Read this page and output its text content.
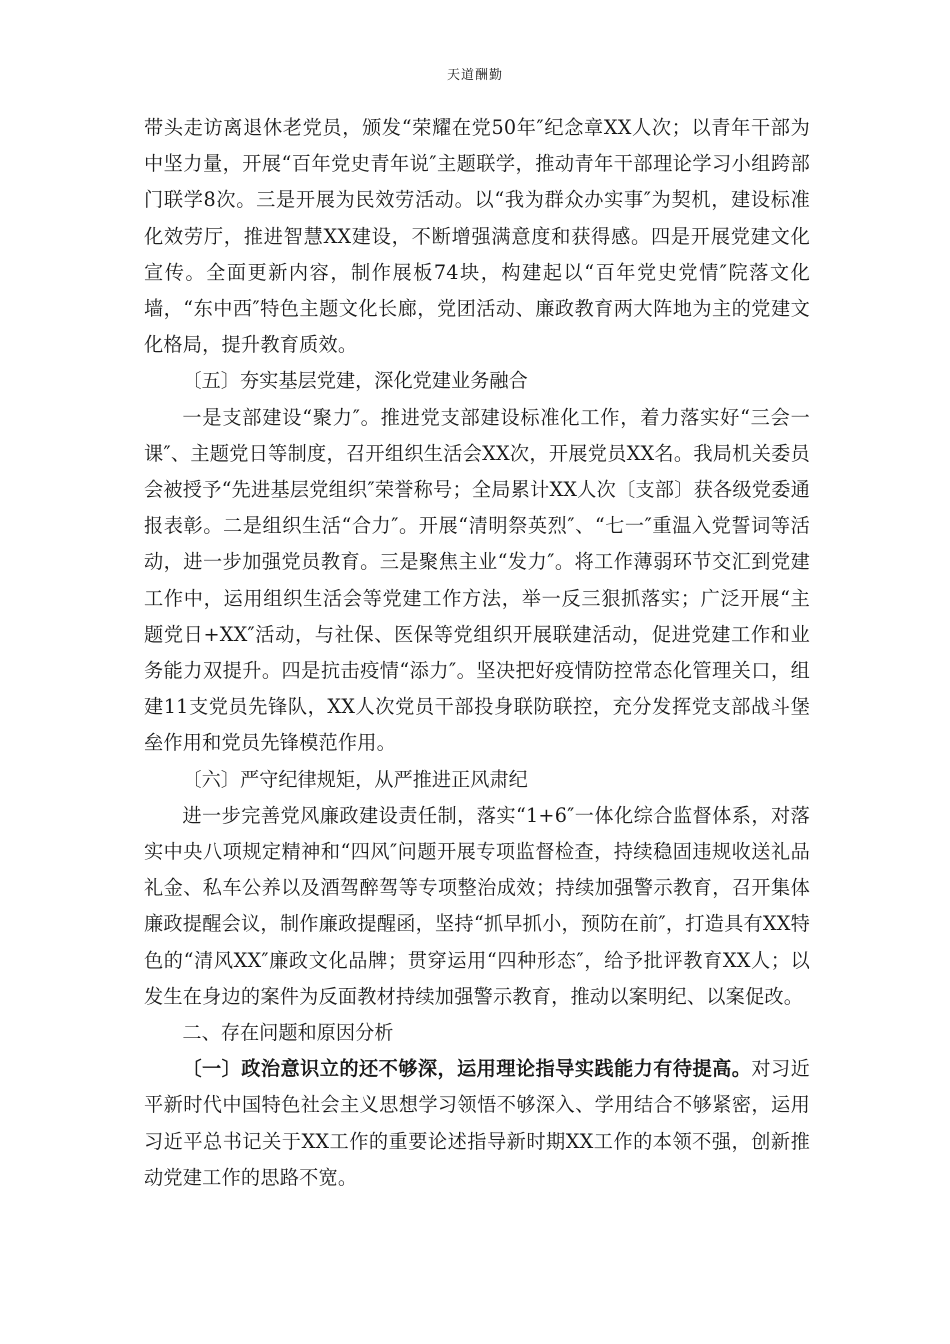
天道酬勤

带头走访离退休老党员，颁发“荣耀在党50年″纪念章XX人次；以青年干部为中坚力量，开展“百年党史青年说″主题联学，推动青年干部理论学习小组跨部门联学8次。三是开展为民效劳活动。以“我为群众办实事″为契机，建设标准化效劳厅，推进智慧XX建设，不断增强满意度和获得感。四是开展党建文化宣传。全面更新内容，制作展板74块，构建起以“百年党史党情″院落文化墙，“东中西″特色主题文化长廊，党团活动、廉政教育两大阵地为主的党建文化格局，提升教育质效。

〔五〕夯实基层党建，深化党建业务融合

一是支部建设“聚力″。推进党支部建设标准化工作，着力落实好“三会一课″、主题党日等制度，召开组织生活会XX次，开展党员XX名。我局机关委员会被授予“先进基层党组织″荣誉称号；全局累计XX人次〔支部〕获各级党委通报表彰。二是组织生活“合力″。开展“清明祭英烈″、“七一″重温入党誓词等活动，进一步加强党员教育。三是聚焦主业“发力″。将工作薄弱环节交汇到党建工作中，运用组织生活会等党建工作方法，举一反三狠抓落实；广泛开展“主题党日+XX″活动，与社保、医保等党组织开展联建活动，促进党建工作和业务能力双提升。四是抗击疫情“添力″。坚决把好疫情防控常态化管理关口，组建11支党员先锋队，XX人次党员干部投身联防联控，充分发挥党支部战斗堡垒作用和党员先锋模范作用。

〔六〕严守纪律规矩，从严推进正风肃纪

进一步完善党风廉政建设责任制，落实“1+6″一体化综合监督体系，对落实中央八项规定精神和“四风″问题开展专项监督检查，持续稳固违规收送礼品礼金、私车公养以及酒驾醉驾等专项整治成效；持续加强警示教育，召开集体廉政提醒会议，制作廉政提醒函，坚持“抓早抓小，预防在前″，打造具有XX特色的“清风XX″廉政文化品牌；贯穿运用“四种形态″，给予批评教育XX人；以发生在身边的案件为反面教材持续加强警示教育，推动以案明纪、以案促改。

二、存在问题和原因分析

〔一〕政治意识立的还不够深，运用理论指导实践能力有待提高。对习近平新时代中国特色社会主义思想学习领悟不够深入、学用结合不够紧密，运用习近平总书记关于XX工作的重要论述指导新时期XX工作的本领不强，创新推动党建工作的思路不宽。
